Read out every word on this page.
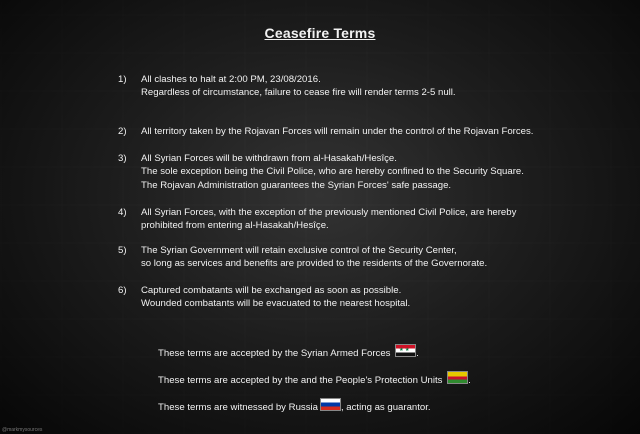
Ceasefire Terms
1) All clashes to halt at 2:00 PM, 23/08/2016.
Regardless of circumstance, failure to cease fire will render terms 2-5 null.
2) All territory taken by the Rojavan Forces will remain under the control of the Rojavan Forces.
3) All Syrian Forces will be withdrawn from al-Hasakah/Hesîçe.
The sole exception being the Civil Police, who are hereby confined to the Security Square.
The Rojavan Administration guarantees the Syrian Forces' safe passage.
4) All Syrian Forces, with the exception of the previously mentioned Civil Police, are hereby
prohibited from entering al-Hasakah/Hesîçe.
5) The Syrian Government will retain exclusive control of the Security Center,
so long as services and benefits are provided to the residents of the Governorate.
6) Captured combatants will be exchanged as soon as possible.
Wounded combatants will be evacuated to the nearest hospital.
These terms are accepted by the Syrian Armed Forces ★ ★	.
These terms are accepted by the and the People's Protection Units	.
These terms are witnessed by Russia , acting as guarantor.
@markmysources
